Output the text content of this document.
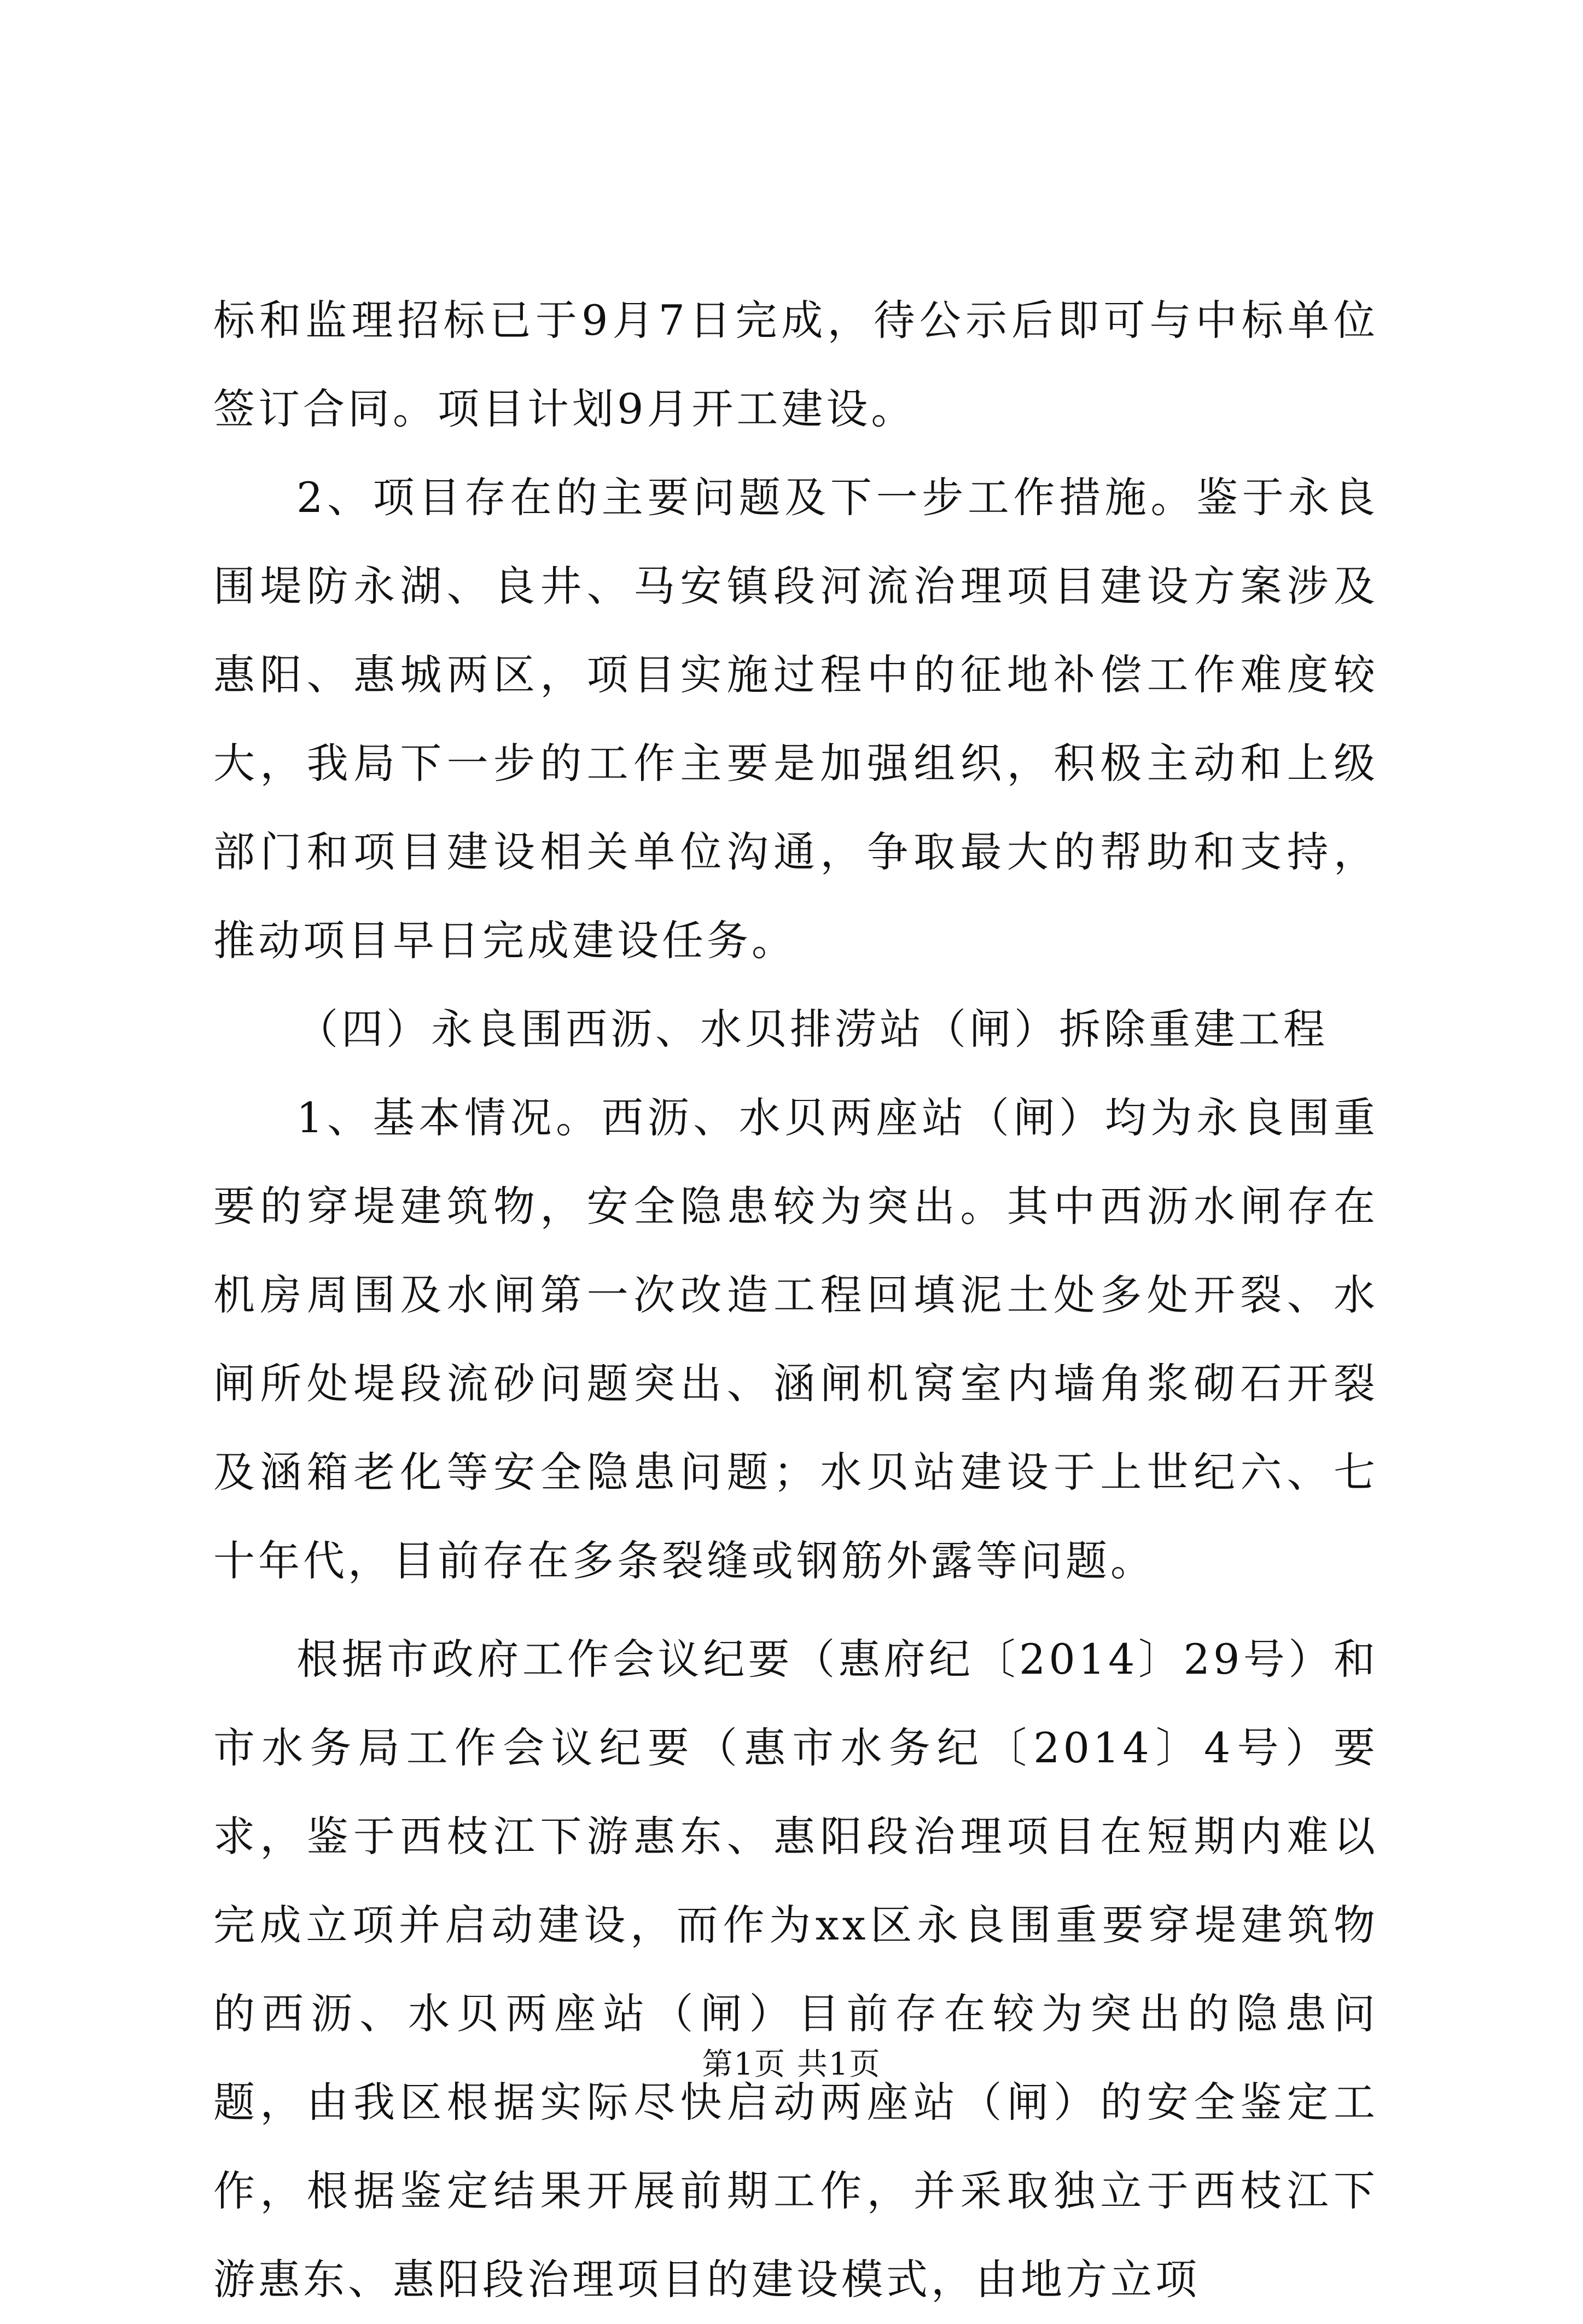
标和监理招标已于9月7日完成，待公示后即可与中标单位签订合同。项目计划9月开工建设。

2、项目存在的主要问题及下一步工作措施。鉴于永良围堤防永湖、良井、马安镇段河流治理项目建设方案涉及惠阳、惠城两区，项目实施过程中的征地补偿工作难度较大，我局下一步的工作主要是加强组织，积极主动和上级部门和项目建设相关单位沟通，争取最大的帮助和支持，推动项目早日完成建设任务。

（四）永良围西沥、水贝排涝站（闸）拆除重建工程

1、基本情况。西沥、水贝两座站（闸）均为永良围重要的穿堤建筑物，安全隐患较为突出。其中西沥水闸存在机房周围及水闸第一次改造工程回填泥土处多处开裂、水闸所处堤段流砂问题突出、涵闸机窝室内墙角浆砌石开裂及涵箱老化等安全隐患问题；水贝站建设于上世纪六、七十年代，目前存在多条裂缝或钢筋外露等问题。

根据市政府工作会议纪要（惠府纪〔2014〕29号）和市水务局工作会议纪要（惠市水务纪〔2014〕4号）要求，鉴于西枝江下游惠东、惠阳段治理项目在短期内难以完成立项并启动建设，而作为xx区永良围重要穿堤建筑物的西沥、水贝两座站（闸）目前存在较为突出的隐患问题，由我区根据实际尽快启动两座站（闸）的安全鉴定工作，根据鉴定结果开展前期工作，并采取独立于西枝江下游惠东、惠阳段治理项目的建设模式，由地方立项

第1页 共1页
